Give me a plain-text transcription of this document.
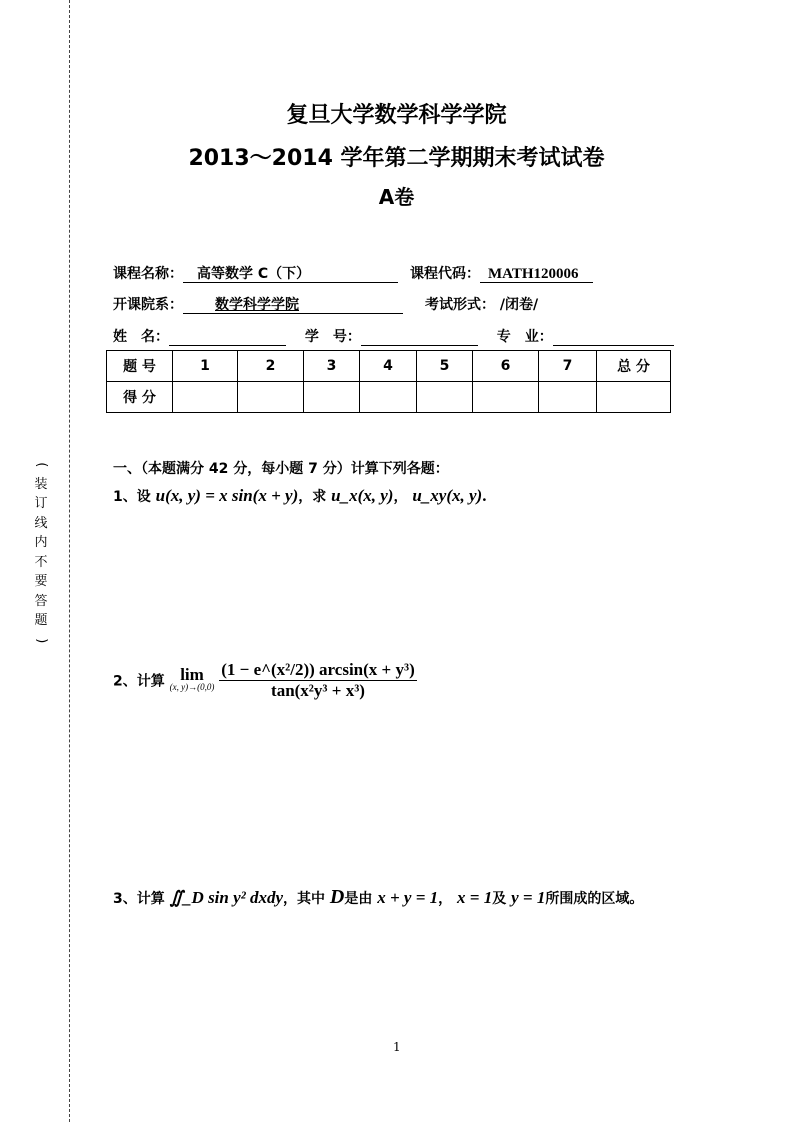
(
装
订
线
内
不
要
答
题
)
复旦大学数学科学学院
2013～2014 学年第二学期期末考试试卷
A卷
课程名称： 高等数学 C（下）	课程代码： MATH120006
开课院系： 数学科学学院	考试形式： /闭卷/
姓　名：	学　号：	专　业：
题 号	1	2	3	4	5	6	7	总 分
得 分								
一、（本题满分 42 分，每小题 7 分）计算下列各题：
1、设 u(x, y) = x sin(x + y)，求 u_x(x, y)， u_xy(x, y).
2、计算 lim
(x, y)→(0,0)
$\frac{\text{(1 − e\textasciicircum{}(x²/2)) arcsin(x + y³)}}{\text{tan(x²y³ + x³)}}$
3、计算 ∬_D sin y² dxdy，其中 D是由 x + y = 1， x = 1及 y = 1所围成的区域。
1
